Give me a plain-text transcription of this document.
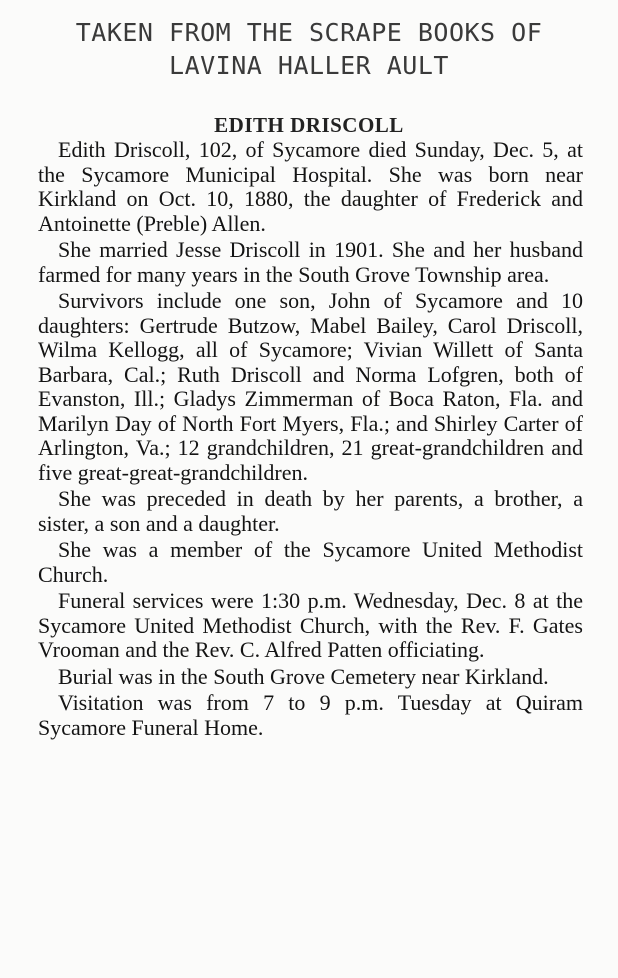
TAKEN FROM THE SCRAPE BOOKS OF
LAVINA HALLER AULT
EDITH DRISCOLL

Edith Driscoll, 102, of Sycamore died Sunday, Dec. 5, at the Sycamore Municipal Hospital. She was born near Kirkland on Oct. 10, 1880, the daughter of Frederick and Antoinette (Preble) Allen.

She married Jesse Driscoll in 1901. She and her husband farmed for many years in the South Grove Township area.

Survivors include one son, John of Sycamore and 10 daughters: Gertrude Butzow, Mabel Bailey, Carol Driscoll, Wilma Kellogg, all of Sycamore; Vivian Willett of Santa Barbara, Cal.; Ruth Driscoll and Norma Lofgren, both of Evanston, Ill.; Gladys Zimmerman of Boca Raton, Fla. and Marilyn Day of North Fort Myers, Fla.; and Shirley Carter of Arlington, Va.; 12 grandchildren, 21 great-grandchildren and five great-great-grandchildren.

She was preceded in death by her parents, a brother, a sister, a son and a daughter.

She was a member of the Sycamore United Methodist Church.

Funeral services were 1:30 p.m. Wednesday, Dec. 8 at the Sycamore United Methodist Church, with the Rev. F. Gates Vrooman and the Rev. C. Alfred Patten officiating.

Burial was in the South Grove Cemetery near Kirkland.

Visitation was from 7 to 9 p.m. Tuesday at Quiram Sycamore Funeral Home.
